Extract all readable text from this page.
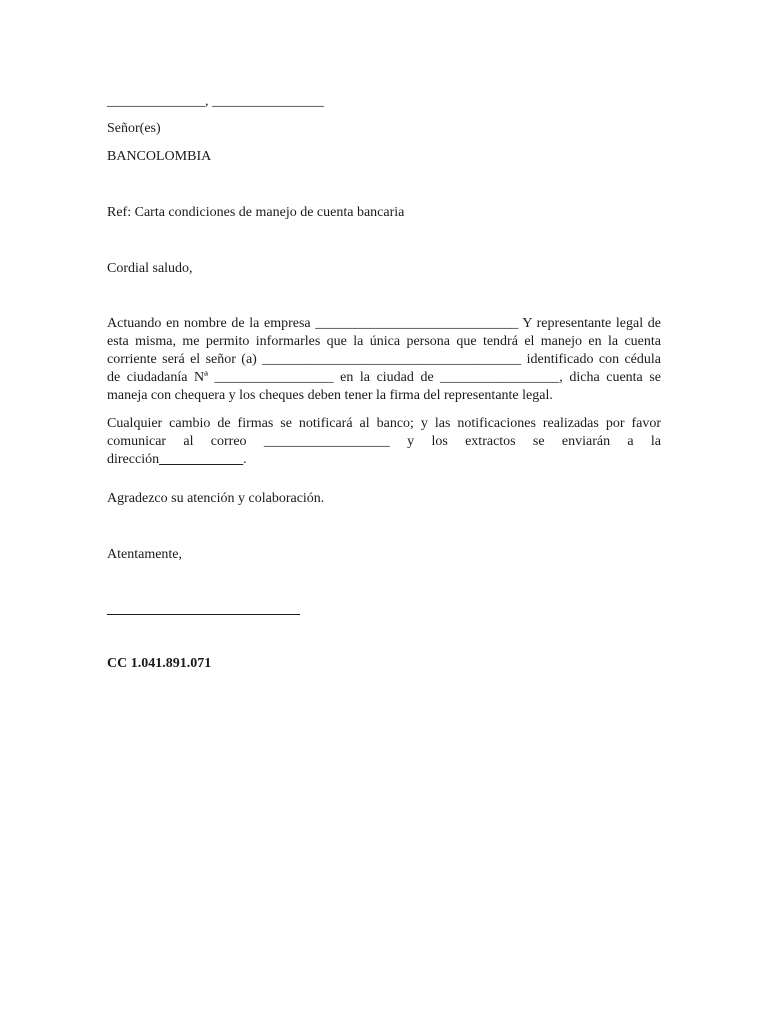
______________, ________________
Señor(es)
BANCOLOMBIA
Ref: Carta condiciones de manejo de cuenta bancaria
Cordial saludo,
Actuando en nombre de la empresa _____________________________ Y representante legal de esta misma, me permito informarles que la única persona que tendrá el manejo en la cuenta corriente será el señor (a) _____________________________________ identificado con cédula de ciudadanía Nª _________________ en la ciudad de _________________, dicha cuenta se maneja con chequera y los cheques deben tener la firma del representante legal.
Cualquier cambio de firmas se notificará al banco; y las notificaciones realizadas por favor comunicar al correo __________________ y los extractos se enviarán a la dirección____________.
Agradezco su atención y colaboración.
Atentamente,
CC 1.041.891.071
